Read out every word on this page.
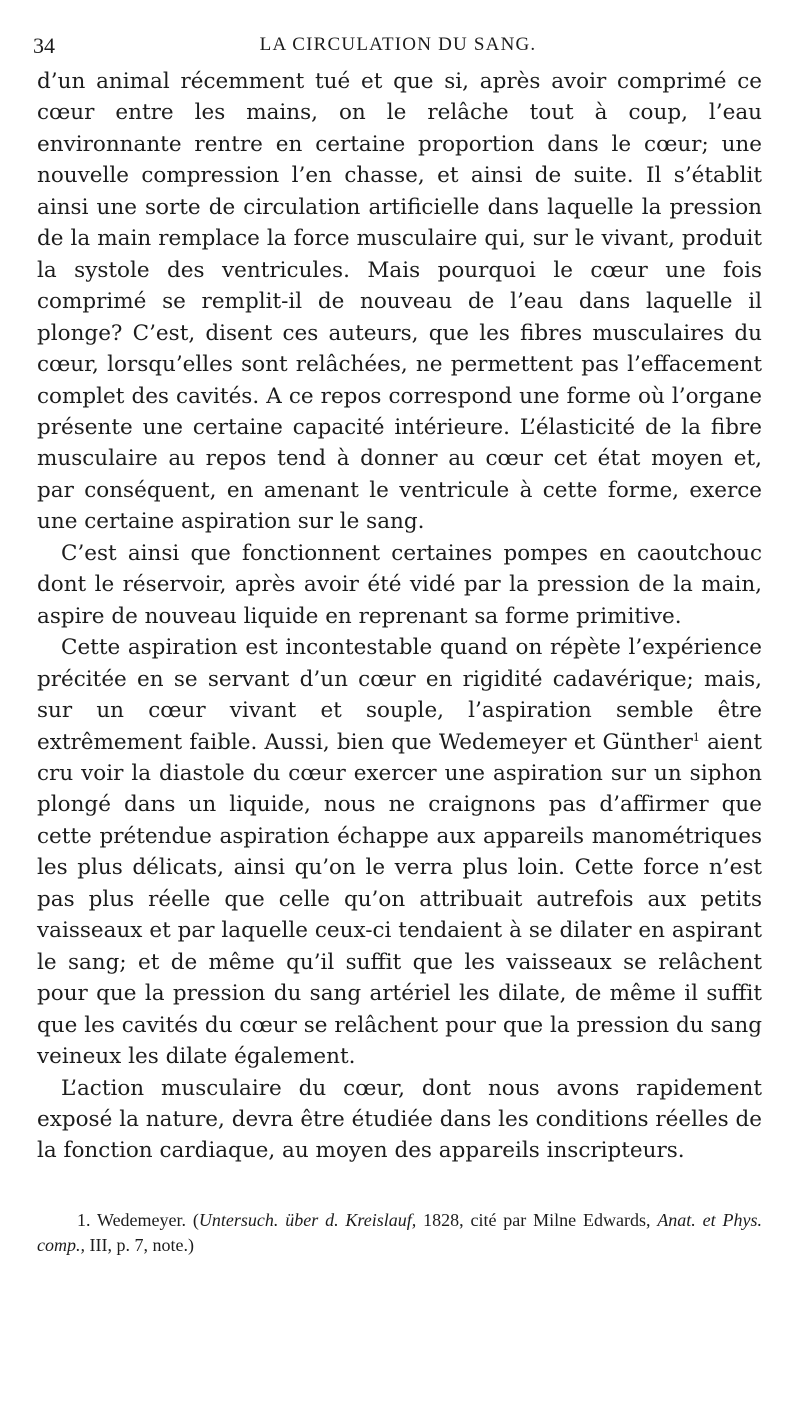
34	LA CIRCULATION DU SANG.

d’un animal récemment tué et que si, après avoir comprimé ce cœur entre les mains, on le relâche tout à coup, l’eau environnante rentre en certaine proportion dans le cœur; une nouvelle compression l’en chasse, et ainsi de suite. Il s’établit ainsi une sorte de circulation artificielle dans laquelle la pression de la main remplace la force musculaire qui, sur le vivant, produit la systole des ventricules. Mais pourquoi le cœur une fois comprimé se remplit-il de nouveau de l’eau dans laquelle il plonge? C’est, disent ces auteurs, que les fibres musculaires du cœur, lorsqu’elles sont relâchées, ne permettent pas l’effacement complet des cavités. A ce repos correspond une forme où l’organe présente une certaine capacité intérieure. L’élasticité de la fibre musculaire au repos tend à donner au cœur cet état moyen et, par conséquent, en amenant le ventricule à cette forme, exerce une certaine aspiration sur le sang.

C’est ainsi que fonctionnent certaines pompes en caoutchouc dont le réservoir, après avoir été vidé par la pression de la main, aspire de nouveau liquide en reprenant sa forme primitive.

Cette aspiration est incontestable quand on répète l’expérience précitée en se servant d’un cœur en rigidité cadavérique; mais, sur un cœur vivant et souple, l’aspiration semble être extrêmement faible. Aussi, bien que Wedemeyer et Günther$^1$ aient cru voir la diastole du cœur exercer une aspiration sur un siphon plongé dans un liquide, nous ne craignons pas d’affirmer que cette prétendue aspiration échappe aux appareils manométriques les plus délicats, ainsi qu’on le verra plus loin. Cette force n’est pas plus réelle que celle qu’on attribuait autrefois aux petits vaisseaux et par laquelle ceux-ci tendaient à se dilater en aspirant le sang; et de même qu’il suffit que les vaisseaux se relâchent pour que la pression du sang artériel les dilate, de même il suffit que les cavités du cœur se relâchent pour que la pression du sang veineux les dilate également.

L’action musculaire du cœur, dont nous avons rapidement exposé la nature, devra être étudiée dans les conditions réelles de la fonction cardiaque, au moyen des appareils inscripteurs.

1. Wedemeyer. (Untersuch. über d. Kreislauf, 1828, cité par Milne Edwards, Anat. et Phys. comp., III, p. 7, note.)
